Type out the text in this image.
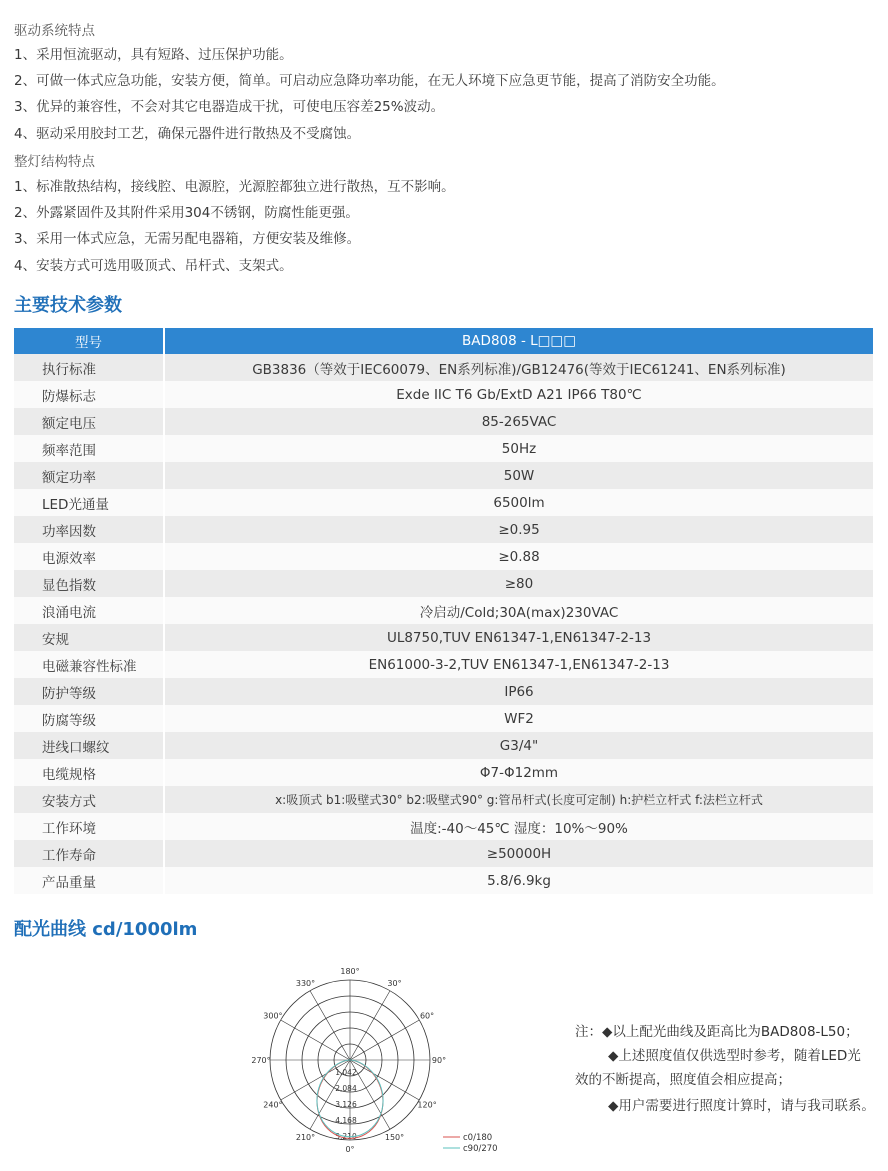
驱动系统特点
1、采用恒流驱动，具有短路、过压保护功能。
2、可做一体式应急功能，安装方便，简单。可启动应急降功率功能，在无人环境下应急更节能，提高了消防安全功能。
3、优异的兼容性，不会对其它电器造成干扰，可使电压容差25%波动。
4、驱动采用胶封工艺，确保元器件进行散热及不受腐蚀。
整灯结构特点
1、标准散热结构，接线腔、电源腔，光源腔都独立进行散热，互不影响。
2、外露紧固件及其附件采用304不锈钢，防腐性能更强。
3、采用一体式应急，无需另配电器箱，方便安装及维修。
4、安装方式可选用吸顶式、吊杆式、支架式。
主要技术参数
型号	BAD808 - L□□□
执行标准	GB3836（等效于IEC60079、EN系列标准)/GB12476(等效于IEC61241、EN系列标准)
防爆标志	Exde IIC T6 Gb/ExtD A21 IP66 T80℃
额定电压	85-265VAC
频率范围	50Hz
额定功率	50W
LED光通量	6500lm
功率因数	≥0.95
电源效率	≥0.88
显色指数	≥80
浪涌电流	冷启动/Cold;30A(max)230VAC
安规	UL8750,TUV EN61347-1,EN61347-2-13
电磁兼容性标准	EN61000-3-2,TUV EN61347-1,EN61347-2-13
防护等级	IP66
防腐等级	WF2
进线口螺纹	G3/4"
电缆规格	Φ7-Φ12mm
安装方式	x:吸顶式 b1:吸壁式30° b2:吸壁式90° g:管吊杆式(长度可定制) h:护栏立杆式 f:法栏立杆式
工作环境	温度:-40～45℃ 湿度：10%～90%
工作寿命	≥50000H
产品重量	5.8/6.9kg
配光曲线 cd/1000lm
180°
150°
120°
90°
60°
30°
0°
330°
300°
270°
240°
210°
1,042
2,084
3,126
4,168
5,210	c0/180
c90/270
注：◆以上配光曲线及距高比为BAD808-L50；
◆上述照度值仅供选型时参考，随着LED光
效的不断提高，照度值会相应提高；
◆用户需要进行照度计算时，请与我司联系。
